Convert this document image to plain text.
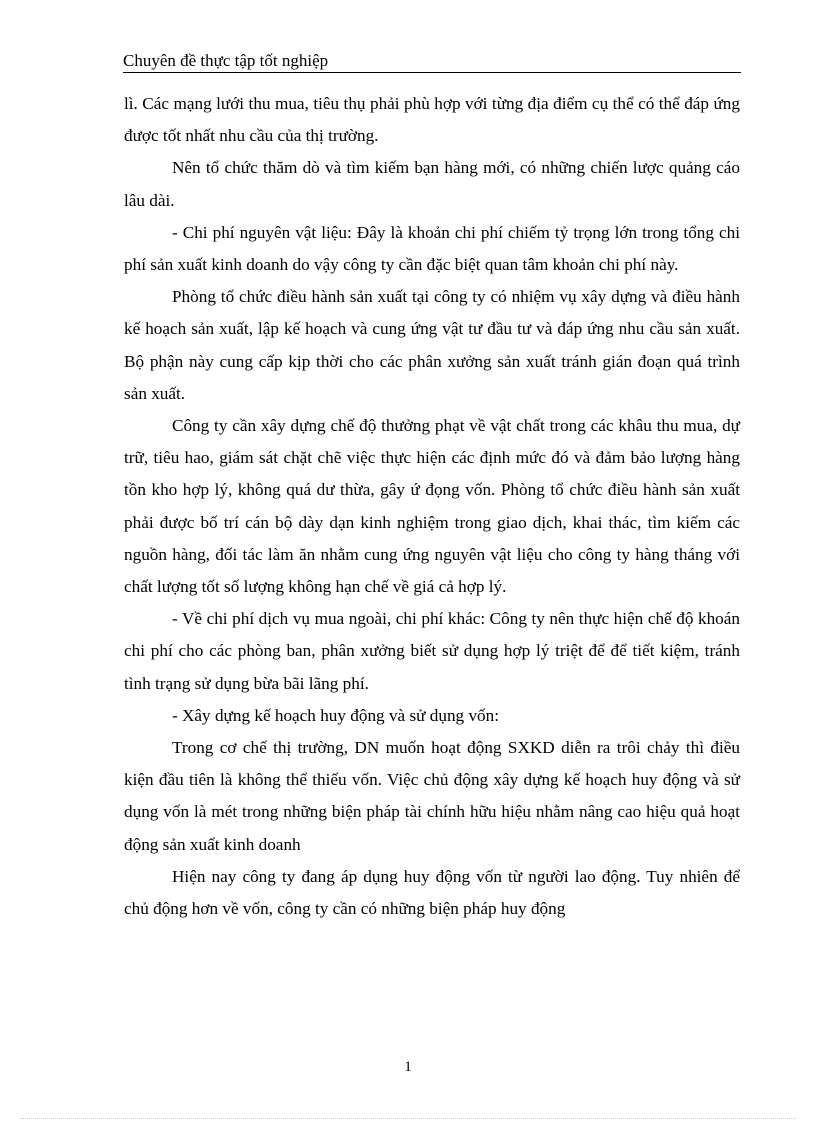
Chuyên đề thực tập tốt nghiệp

lì. Các mạng lưới thu mua, tiêu thụ phải phù hợp với từng địa điểm cụ thể có thể đáp ứng được tốt nhất nhu cầu của thị trường.

Nên tổ chức thăm dò và tìm kiếm bạn hàng mới, có những chiến lược quảng cáo lâu dài.

- Chi phí nguyên vật liệu: Đây là khoản chi phí chiếm tỷ trọng lớn trong tổng chi phí sản xuất kinh doanh do vậy công ty cần đặc biệt quan tâm khoản chi phí này.

Phòng tổ chức điều hành sản xuất tại công ty có nhiệm vụ xây dựng và điều hành kế hoạch sản xuất, lập kế hoạch và cung ứng vật tư đầu tư và đáp ứng nhu cầu sản xuất. Bộ phận này cung cấp kịp thời cho các phân xưởng sản xuất tránh gián đoạn quá trình sản xuất.

Công ty cần xây dựng chế độ thưởng phạt về vật chất trong các khâu thu mua, dự trữ, tiêu hao, giám sát chặt chẽ việc thực hiện các định mức đó và đảm bảo lượng hàng tồn kho hợp lý, không quá dư thừa, gây ứ đọng vốn. Phòng tổ chức điều hành sản xuất phải được bố trí cán bộ dày dạn kinh nghiệm trong giao dịch, khai thác, tìm kiếm các nguồn hàng, đối tác làm ăn nhằm cung ứng nguyên vật liệu cho công ty hàng tháng với chất lượng tốt số lượng không hạn chế về giá cả hợp lý.

- Về chi phí dịch vụ mua ngoài, chi phí khác: Công ty nên thực hiện chế độ khoán chi phí cho các phòng ban, phân xưởng biết sử dụng hợp lý triệt để để tiết kiệm, tránh tình trạng sử dụng bừa bãi lãng phí.

- Xây dựng kế hoạch huy động và sử dụng vốn:

Trong cơ chế thị trường, DN muốn hoạt động SXKD diễn ra trôi chảy thì điều kiện đầu tiên là không thể thiếu vốn. Việc chủ động xây dựng kế hoạch huy động và sử dụng vốn là mét trong những biện pháp tài chính hữu hiệu nhằm nâng cao hiệu quả hoạt động sản xuất kinh doanh

Hiện nay công ty đang áp dụng huy động vốn từ người lao động. Tuy nhiên để chủ động hơn về vốn, công ty cần có những biện pháp huy động

1
